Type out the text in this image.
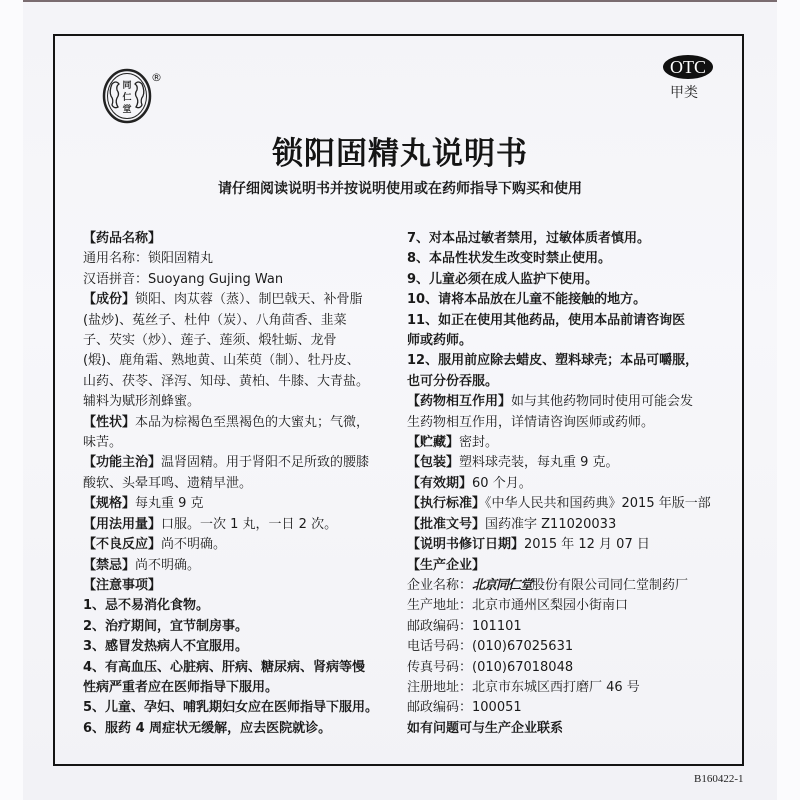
同
仁
堂
®
OTC
甲类
锁阳固精丸说明书
请仔细阅读说明书并按说明使用或在药师指导下购买和使用
【药品名称】
通用名称：锁阳固精丸
汉语拼音：Suoyang Gujing Wan
【成份】锁阳、肉苁蓉（蒸）、制巴戟天、补骨脂
(盐炒)、菟丝子、杜仲（炭）、八角茴香、韭菜
子、芡实（炒）、莲子、莲须、煅牡蛎、龙骨
(煅)、鹿角霜、熟地黄、山茱萸（制）、牡丹皮、
山药、茯苓、泽泻、知母、黄柏、牛膝、大青盐。
辅料为赋形剂蜂蜜。
【性状】本品为棕褐色至黑褐色的大蜜丸；气微，
味苦。
【功能主治】温肾固精。用于肾阳不足所致的腰膝
酸软、头晕耳鸣、遗精早泄。
【规格】每丸重 9 克
【用法用量】口服。一次 1 丸，一日 2 次。
【不良反应】尚不明确。
【禁忌】尚不明确。
【注意事项】
1、忌不易消化食物。
2、治疗期间，宜节制房事。
3、感冒发热病人不宜服用。
4、有高血压、心脏病、肝病、糖尿病、肾病等慢
性病严重者应在医师指导下服用。
5、儿童、孕妇、哺乳期妇女应在医师指导下服用。
6、服药 4 周症状无缓解，应去医院就诊。
7、对本品过敏者禁用，过敏体质者慎用。
8、本品性状发生改变时禁止使用。
9、儿童必须在成人监护下使用。
10、请将本品放在儿童不能接触的地方。
11、如正在使用其他药品，使用本品前请咨询医
师或药师。
12、服用前应除去蜡皮、塑料球壳；本品可嚼服，
也可分份吞服。
【药物相互作用】如与其他药物同时使用可能会发
生药物相互作用，详情请咨询医师或药师。
【贮藏】密封。
【包装】塑料球壳装，每丸重 9 克。
【有效期】60 个月。
【执行标准】《中华人民共和国药典》2015 年版一部
【批准文号】国药准字 Z11020033
【说明书修订日期】2015 年 12 月 07 日
【生产企业】
企业名称：北京同仁堂股份有限公司同仁堂制药厂
生产地址：北京市通州区梨园小街南口
邮政编码：101101
电话号码：(010)67025631
传真号码：(010)67018048
注册地址：北京市东城区西打磨厂 46 号
邮政编码：100051
如有问题可与生产企业联系
B160422-1
